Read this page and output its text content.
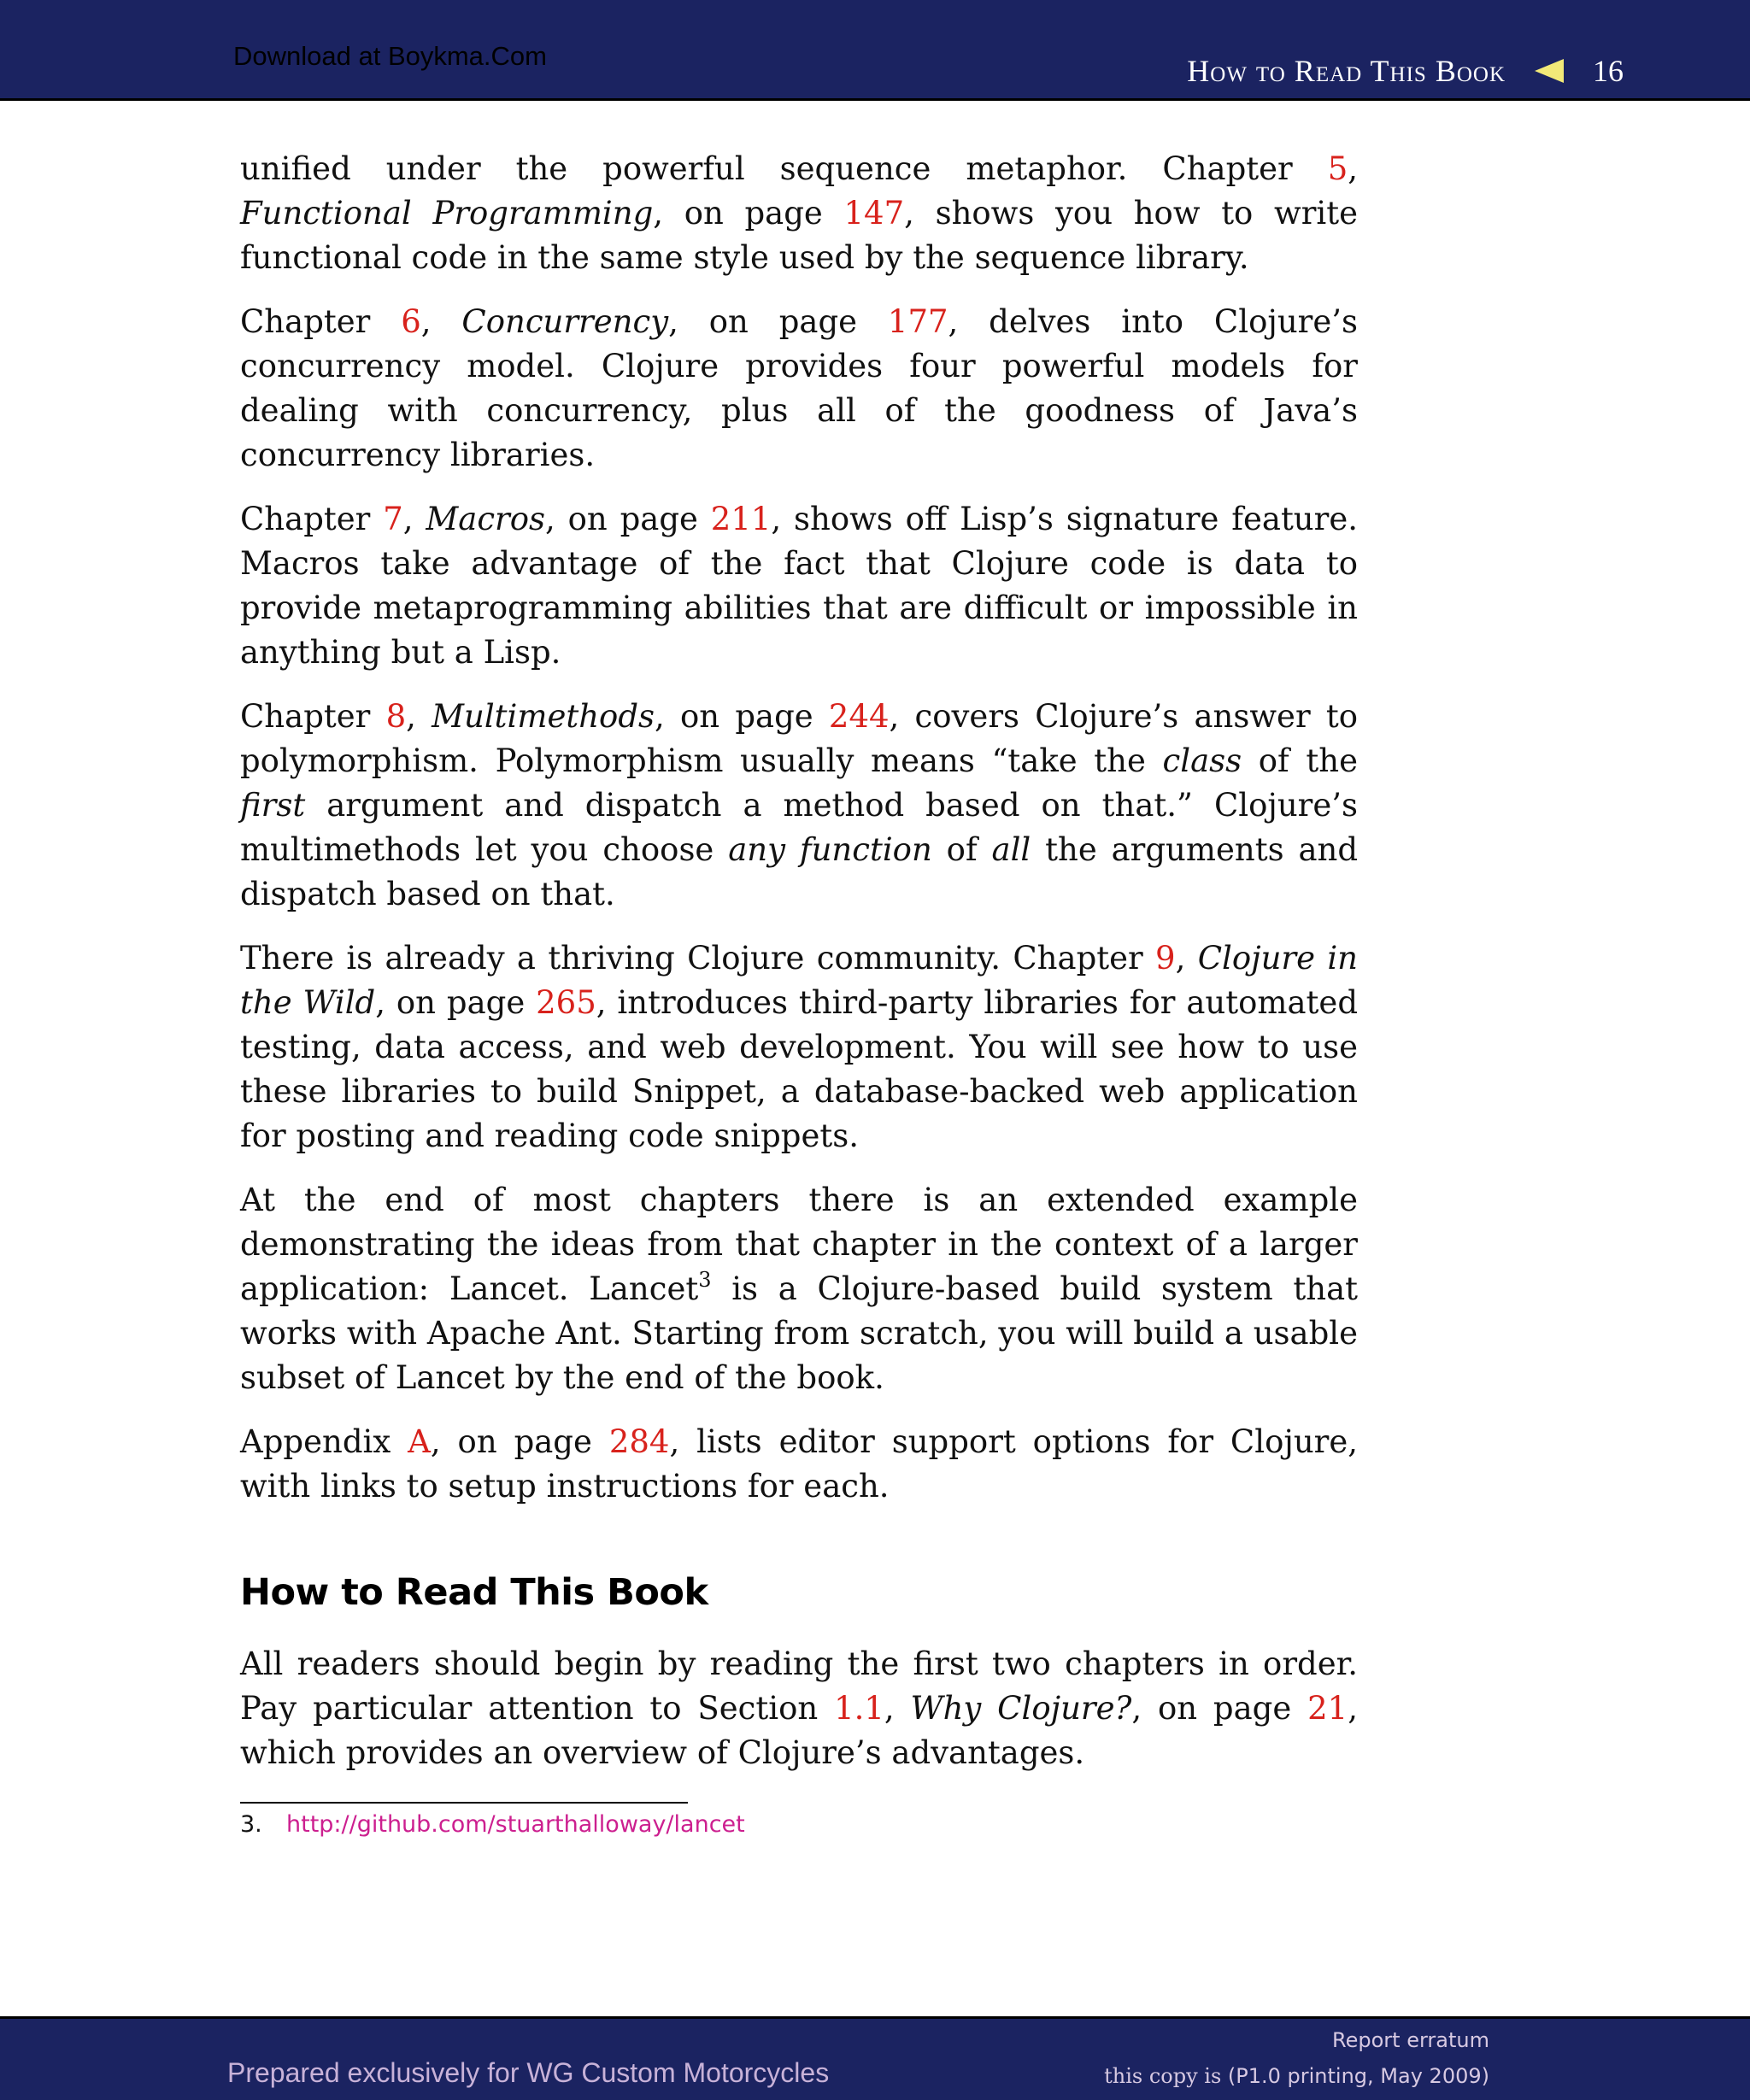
Download at Boykma.Com	How to Read This Book	16

unified under the powerful sequence metaphor. Chapter 5, Functional Programming, on page 147, shows you how to write functional code in the same style used by the sequence library.

Chapter 6, Concurrency, on page 177, delves into Clojure’s concurrency model. Clojure provides four powerful models for dealing with concurrency, plus all of the goodness of Java’s concurrency libraries.

Chapter 7, Macros, on page 211, shows off Lisp’s signature feature. Macros take advantage of the fact that Clojure code is data to provide metaprogramming abilities that are difficult or impossible in anything but a Lisp.

Chapter 8, Multimethods, on page 244, covers Clojure’s answer to polymorphism. Polymorphism usually means “take the class of the first argument and dispatch a method based on that.” Clojure’s multimethods let you choose any function of all the arguments and dispatch based on that.

There is already a thriving Clojure community. Chapter 9, Clojure in the Wild, on page 265, introduces third-party libraries for automated testing, data access, and web development. You will see how to use these libraries to build Snippet, a database-backed web application for posting and reading code snippets.

At the end of most chapters there is an extended example demonstrating the ideas from that chapter in the context of a larger application: Lancet. Lancet$^3$ is a Clojure-based build system that works with Apache Ant. Starting from scratch, you will build a usable subset of Lancet by the end of the book.

Appendix A, on page 284, lists editor support options for Clojure, with links to setup instructions for each.

How to Read This Book

All readers should begin by reading the first two chapters in order. Pay particular attention to Section 1.1, Why Clojure?, on page 21, which provides an overview of Clojure’s advantages.

3. http://github.com/stuarthalloway/lancet
Prepared exclusively for WG Custom Motorcycles
Report erratum
this copy is (P1.0 printing, May 2009)
